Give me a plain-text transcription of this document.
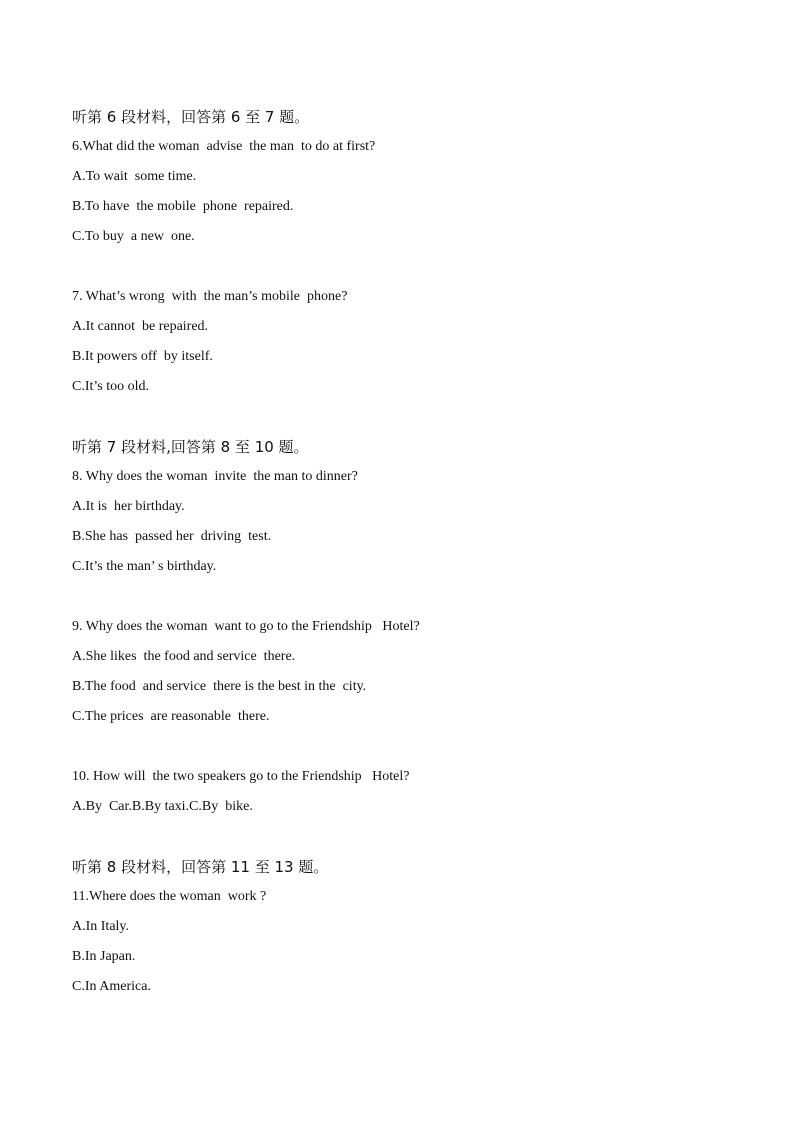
听第 6 段材料，回答第 6 至 7 题。
6.What did the woman  advise  the man  to do at first?
A.To wait  some time.
B.To have  the mobile  phone  repaired.
C.To buy  a new  one.
7. What’s wrong  with  the man’s mobile  phone?
A.It cannot  be repaired.
B.It powers off  by itself.
C.It’s too old.
听第 7 段材料,回答第 8 至 10 题。
8. Why does the woman  invite  the man to dinner?
A.It is  her birthday.
B.She has  passed her  driving  test.
C.It’s the man’ s birthday.
9. Why does the woman  want to go to the Friendship   Hotel?
A.She likes  the food and service  there.
B.The food  and service  there is the best in the  city.
C.The prices  are reasonable  there.
10. How will  the two speakers go to the Friendship   Hotel?
A.By  Car.B.By taxi.C.By  bike.
听第 8 段材料，回答第 11 至 13 题。
11.Where does the woman  work ?
A.In Italy.
B.In Japan.
C.In America.
